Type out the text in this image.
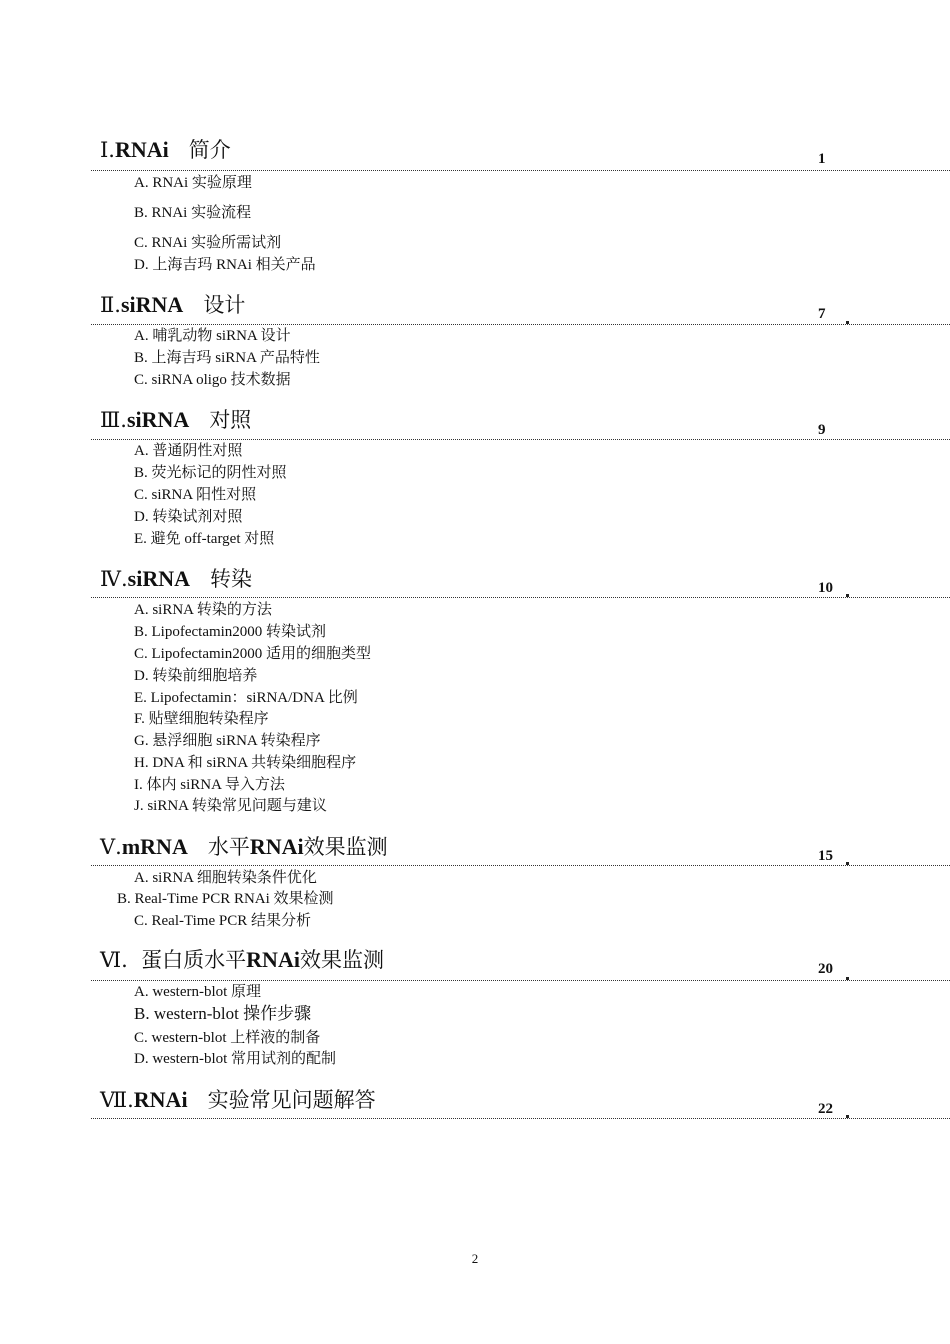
Ⅰ.RNAi 简介	1
A. RNAi 实验原理
B. RNAi 实验流程
C. RNAi 实验所需试剂
D. 上海吉玛 RNAi 相关产品
Ⅱ.siRNA 设计	7
A. 哺乳动物 siRNA 设计
B. 上海吉玛 siRNA 产品特性
C. siRNA oligo 技术数据
Ⅲ.siRNA 对照	9
A. 普通阴性对照
B. 荧光标记的阴性对照
C. siRNA 阳性对照
D. 转染试剂对照
E. 避免 off-target 对照
Ⅳ.siRNA 转染	10
A. siRNA 转染的方法
B. Lipofectamin2000 转染试剂
C. Lipofectamin2000 适用的细胞类型
D. 转染前细胞培养
E. Lipofectamin：siRNA/DNA 比例
F. 贴壁细胞转染程序
G. 悬浮细胞 siRNA 转染程序
H. DNA 和 siRNA 共转染细胞程序
I. 体内 siRNA 导入方法
J. siRNA 转染常见问题与建议
Ⅴ.mRNA 水平RNAi效果监测	15
A. siRNA 细胞转染条件优化
B. Real-Time PCR RNAi 效果检测
C. Real-Time PCR 结果分析
Ⅵ. 蛋白质水平RNAi效果监测	20
A. western-blot 原理
B. western-blot 操作步骤
C. western-blot 上样液的制备
D. western-blot 常用试剂的配制
Ⅶ.RNAi 实验常见问题解答	22
2
